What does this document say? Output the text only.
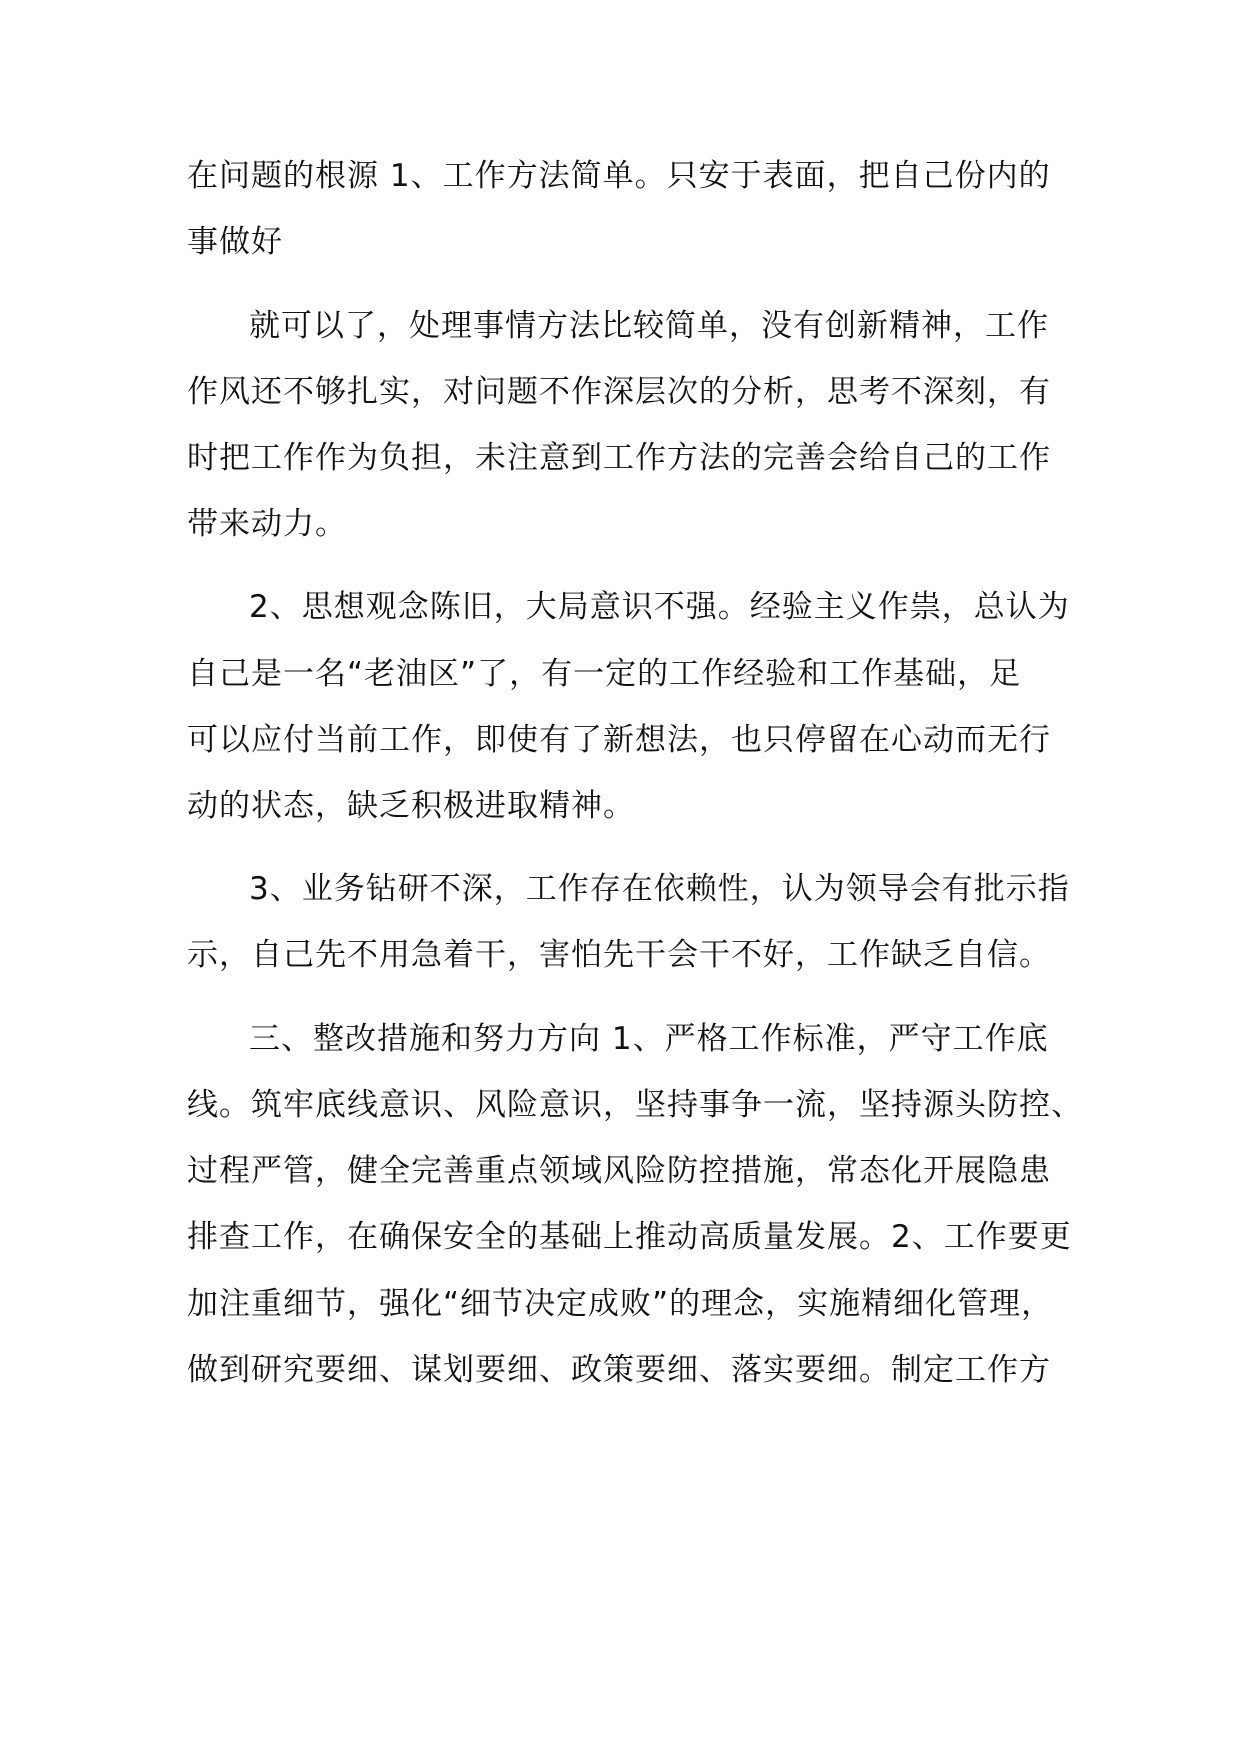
在问题的根源 1、工作方法简单。只安于表面，把自己份内的
事做好
就可以了，处理事情方法比较简单，没有创新精神，工作
作风还不够扎实，对问题不作深层次的分析，思考不深刻，有
时把工作作为负担，未注意到工作方法的完善会给自己的工作
带来动力。
2、思想观念陈旧，大局意识不强。经验主义作祟，总认为
自己是一名“老油区”了，有一定的工作经验和工作基础，足
可以应付当前工作，即使有了新想法，也只停留在心动而无行
动的状态，缺乏积极进取精神。
3、业务钻研不深，工作存在依赖性，认为领导会有批示指
示，自己先不用急着干，害怕先干会干不好，工作缺乏自信。
三、整改措施和努力方向 1、严格工作标准，严守工作底
线。筑牢底线意识、风险意识，坚持事争一流，坚持源头防控、
过程严管，健全完善重点领域风险防控措施，常态化开展隐患
排查工作，在确保安全的基础上推动高质量发展。2、工作要更
加注重细节，强化“细节决定成败”的理念，实施精细化管理，
做到研究要细、谋划要细、政策要细、落实要细。制定工作方
